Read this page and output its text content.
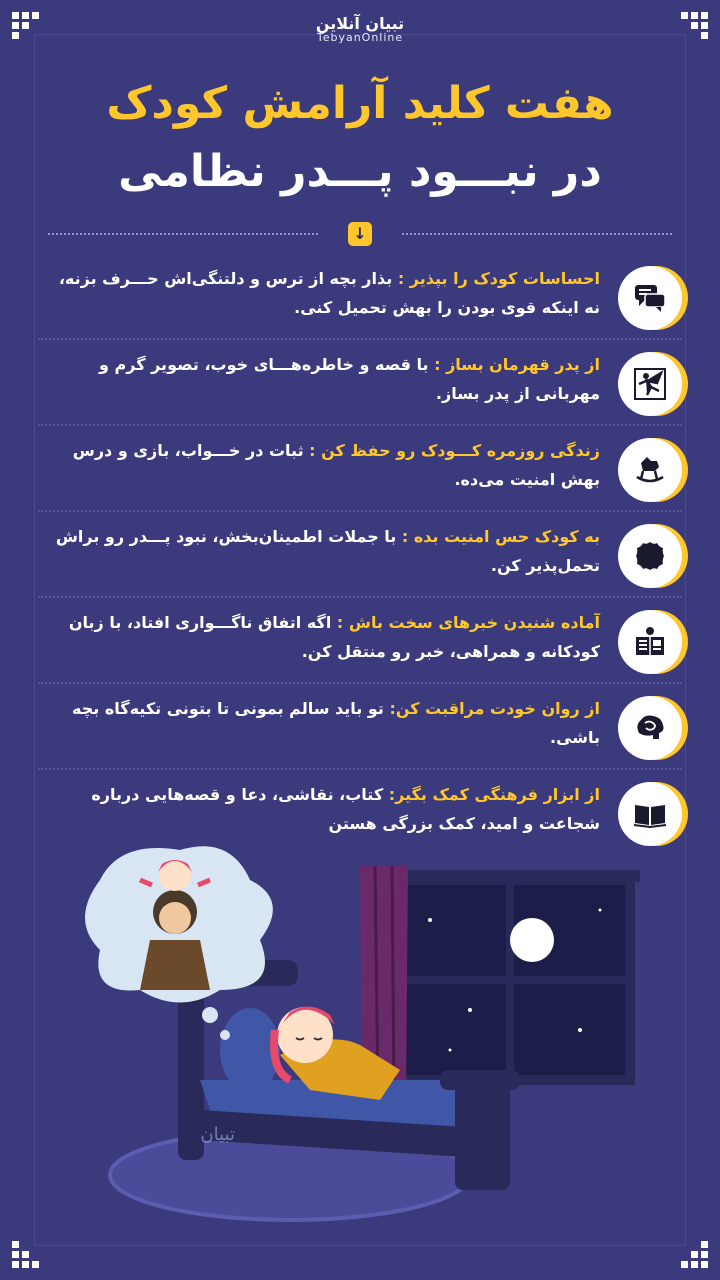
تبیان آنلاین
TebyanOnline
هفت کلید آرامش کودک
در نبـــود پـــدر نظامی
↓
احساسات کودک را بپذیر : بذار بچه از ترس و دلتنگی‌اش حـــرف بزنه، نه اینکه قوی بودن را بهش تحمیل کنی.
از پدر قهرمان بساز : با قصه و خاطره‌هـــای خوب، تصویر گرم و مهربانی از پدر بساز.
زندگی روزمره کـــودک رو حفظ کن : ثبات در خـــواب، بازی و درس بهش امنیت می‌ده.
به کودک حس امنیت بده : با جملات اطمینان‌بخش، نبود پـــدر رو براش تحمل‌پذیر کن.
آماده شنیدن خبرهای سخت باش : اگه اتفاق ناگـــواری افتاد، با زبان کودکانه و همراهی، خبر رو منتقل کن.
از روان خودت مراقبت کن: تو باید سالم بمونی تا بتونی تکیه‌گاه بچه باشی.
از ابزار فرهنگی کمک بگیر: کتاب، نقاشی، دعا و قصه‌هایی درباره شجاعت و امید، کمک بزرگی هستن
تبیان
